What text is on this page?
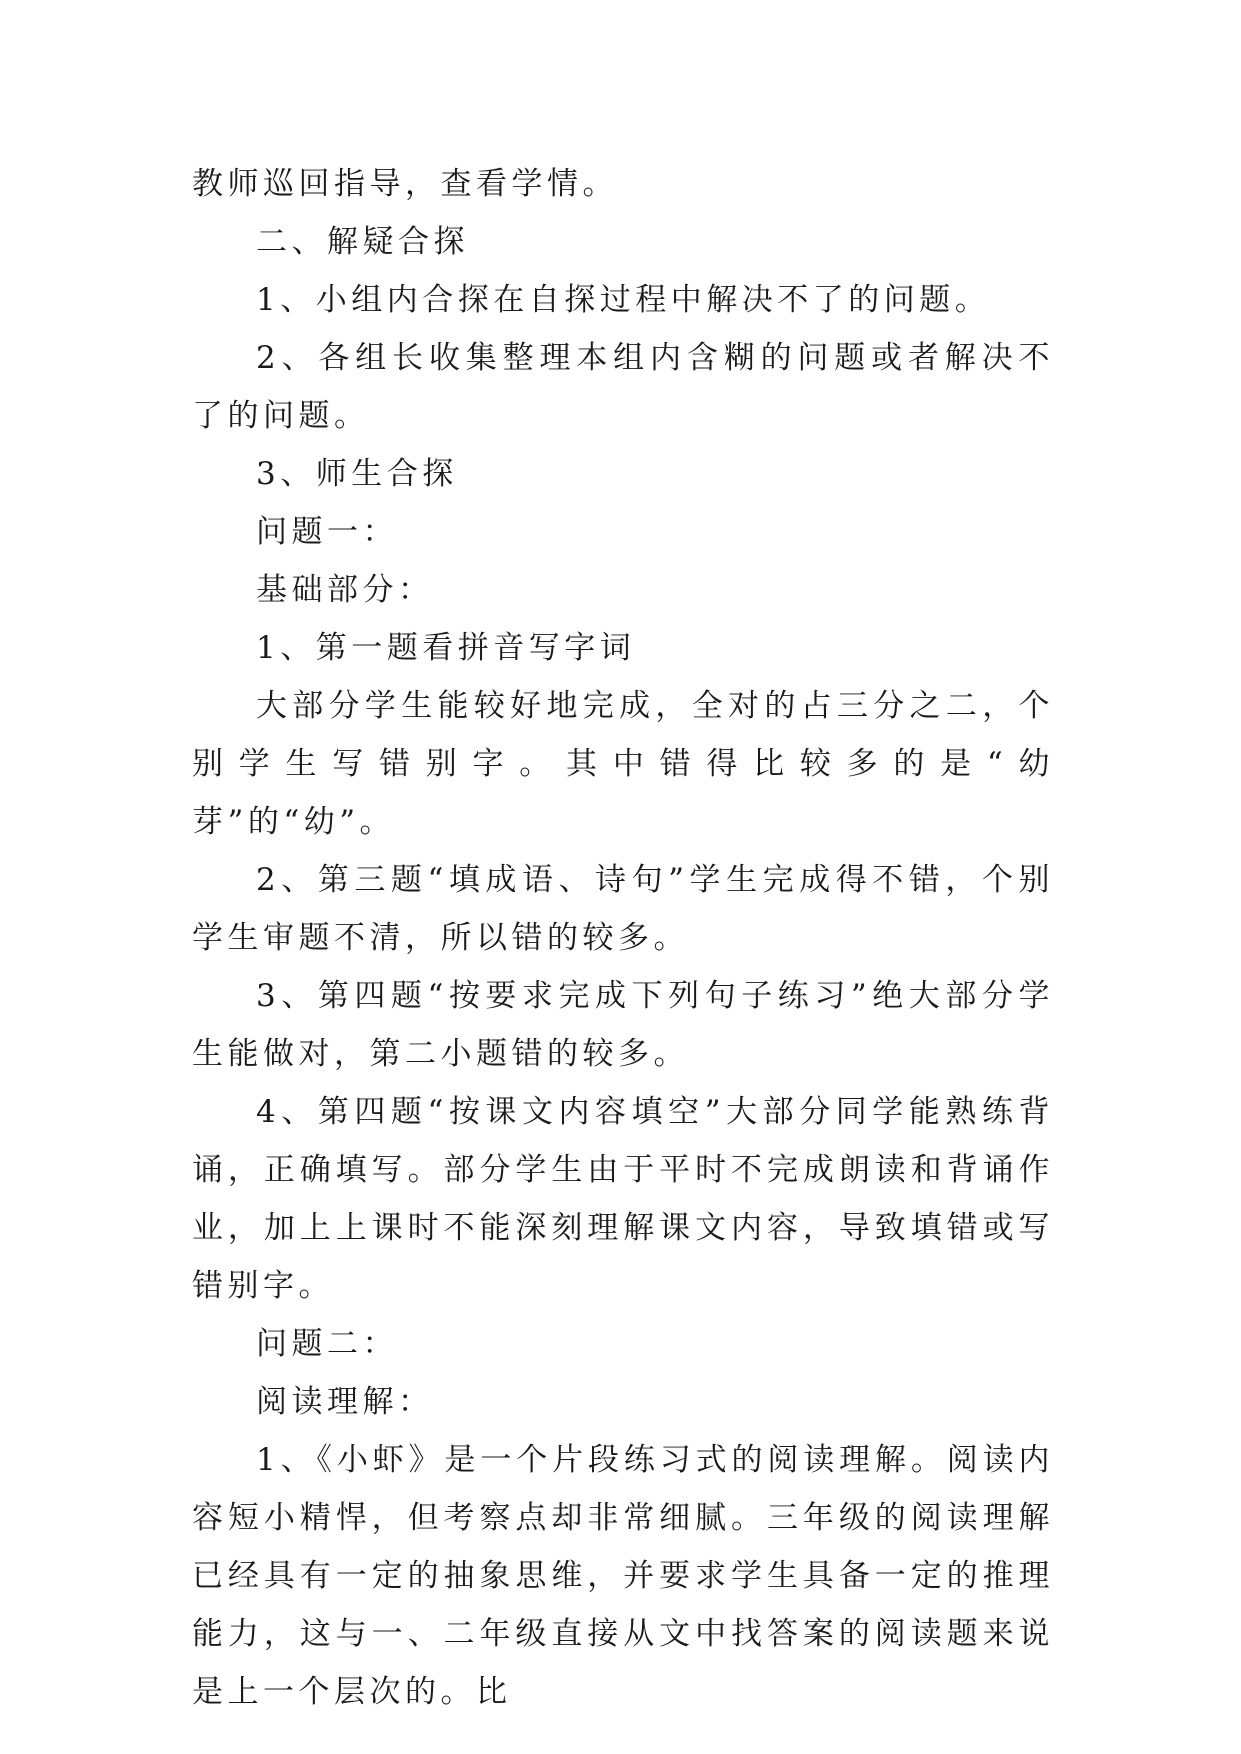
教师巡回指导，查看学情。

二、解疑合探

1、小组内合探在自探过程中解决不了的问题。

2、各组长收集整理本组内含糊的问题或者解决不了的问题。

3、师生合探

问题一：

基础部分：

1、第一题看拼音写字词

大部分学生能较好地完成，全对的占三分之二，个别学生写错别字。其中错得比较多的是“幼芽”的“幼”。

2、第三题“填成语、诗句”学生完成得不错，个别学生审题不清，所以错的较多。

3、第四题“按要求完成下列句子练习”绝大部分学生能做对，第二小题错的较多。

4、第四题“按课文内容填空”大部分同学能熟练背诵，正确填写。部分学生由于平时不完成朗读和背诵作业，加上上课时不能深刻理解课文内容，导致填错或写错别字。

问题二：

阅读理解：

1、《小虾》是一个片段练习式的阅读理解。阅读内容短小精悍，但考察点却非常细腻。三年级的阅读理解已经具有一定的抽象思维，并要求学生具备一定的推理能力，这与一、二年级直接从文中找答案的阅读题来说是上一个层次的。比
